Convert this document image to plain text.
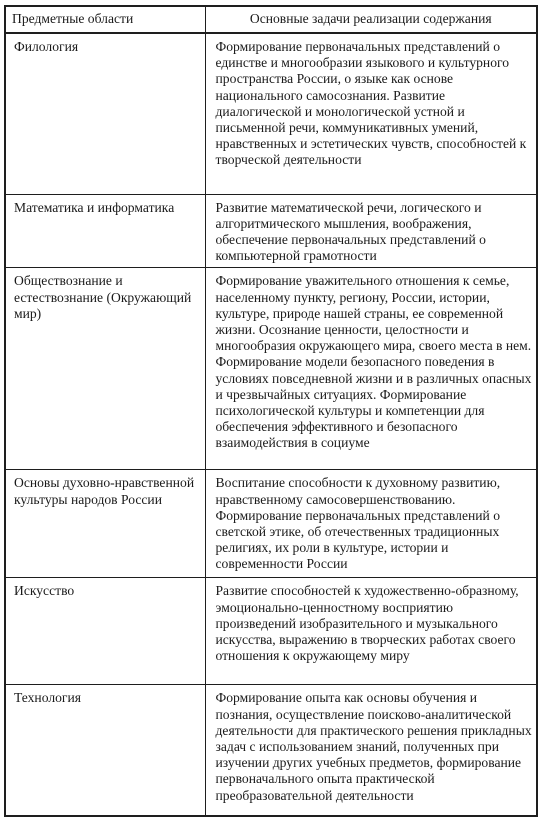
Предметные области	Основные задачи реализации содержания
Филология	Формирование первоначальных представлений о единстве и многообразии языкового и культурного пространства России, о языке как основе национального самосознания. Развитие диалогической и монологической устной и письменной речи, коммуникативных умений, нравственных и эстетических чувств, способностей к творческой деятельности
Математика и информатика	Развитие математической речи, логического и алгоритмического мышления, воображения, обеспечение первоначальных представлений о компьютерной грамотности
Обществознание и естествознание (Окружающий мир)	Формирование уважительного отношения к семье, населенному пункту, региону, России, истории, культуре, природе нашей страны, ее современной жизни. Осознание ценности, целостности и многообразия окружающего мира, своего места в нем. Формирование модели безопасного поведения в условиях повседневной жизни и в различных опасных и чрезвычайных ситуациях. Формирование психологической культуры и компетенции для обеспечения эффективного и безопасного взаимодействия в социуме
Основы духовно-нравственной культуры народов России	Воспитание способности к духовному развитию, нравственному самосовершенствованию. Формирование первоначальных представлений о светской этике, об отечественных традиционных религиях, их роли в культуре, истории и современности России
Искусство	Развитие способностей к художественно-образному, эмоционально-ценностному восприятию произведений изобразительного и музыкального искусства, выражению в творческих работах своего отношения к окружающему миру
Технология	Формирование опыта как основы обучения и познания, осуществление поисково-аналитической деятельности для практического решения прикладных задач с использованием знаний, полученных при изучении других учебных предметов, формирование первоначального опыта практической преобразовательной деятельности
